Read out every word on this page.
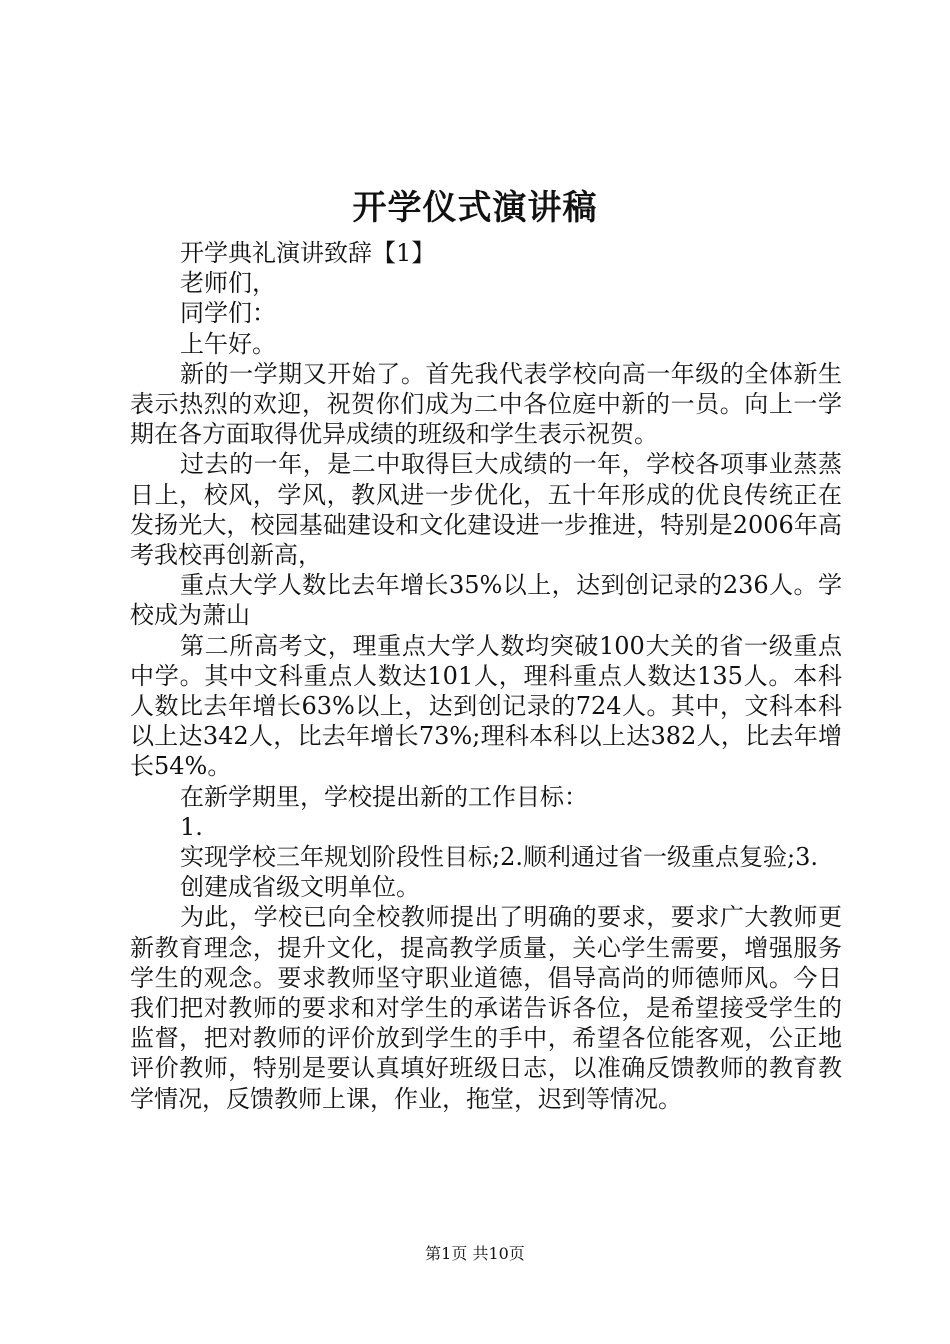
开学仪式演讲稿

开学典礼演讲致辞【1】

老师们，

同学们：

上午好。

新的一学期又开始了。首先我代表学校向高一年级的全体新生表示热烈的欢迎，祝贺你们成为二中各位庭中新的一员。向上一学期在各方面取得优异成绩的班级和学生表示祝贺。

过去的一年，是二中取得巨大成绩的一年，学校各项事业蒸蒸日上，校风，学风，教风进一步优化，五十年形成的优良传统正在发扬光大，校园基础建设和文化建设进一步推进，特别是2006年高考我校再创新高，

重点大学人数比去年增长35%以上，达到创记录的236人。学校成为萧山

第二所高考文，理重点大学人数均突破100大关的省一级重点中学。其中文科重点人数达101人，理科重点人数达135人。本科人数比去年增长63%以上，达到创记录的724人。其中，文科本科以上达342人，比去年增长73%;理科本科以上达382人，比去年增长54%。

在新学期里，学校提出新的工作目标：

1.

实现学校三年规划阶段性目标;2.顺利通过省一级重点复验;3.

创建成省级文明单位。

为此，学校已向全校教师提出了明确的要求，要求广大教师更新教育理念，提升文化，提高教学质量，关心学生需要，增强服务学生的观念。要求教师坚守职业道德，倡导高尚的师德师风。今日我们把对教师的要求和对学生的承诺告诉各位，是希望接受学生的监督，把对教师的评价放到学生的手中，希望各位能客观，公正地评价教师，特别是要认真填好班级日志，以准确反馈教师的教育教学情况，反馈教师上课，作业，拖堂，迟到等情况。

第1页 共10页
